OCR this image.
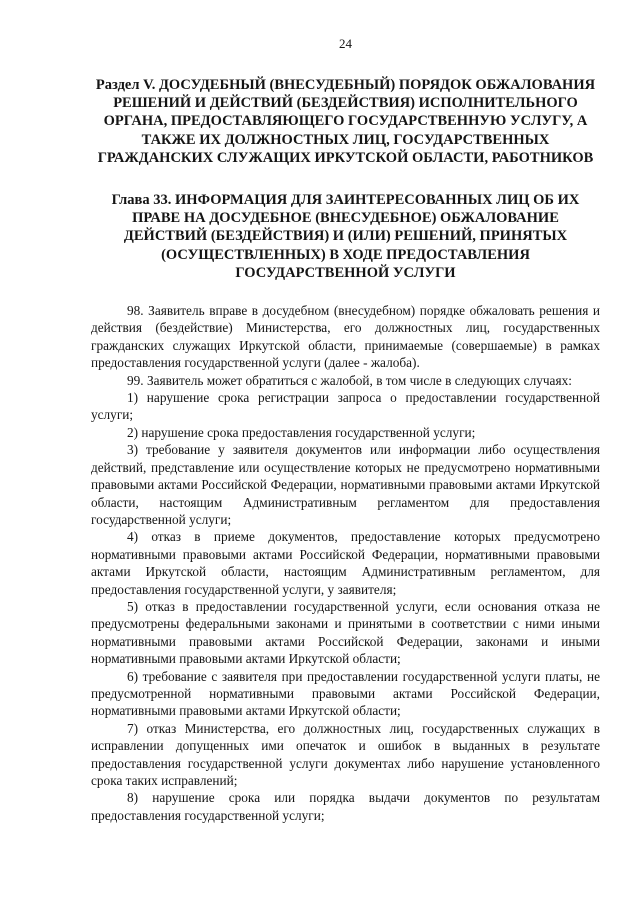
24
Раздел V. ДОСУДЕБНЫЙ (ВНЕСУДЕБНЫЙ) ПОРЯДОК ОБЖАЛОВАНИЯ РЕШЕНИЙ И ДЕЙСТВИЙ (БЕЗДЕЙСТВИЯ) ИСПОЛНИТЕЛЬНОГО ОРГАНА, ПРЕДОСТАВЛЯЮЩЕГО ГОСУДАРСТВЕННУЮ УСЛУГУ, А ТАКЖЕ ИХ ДОЛЖНОСТНЫХ ЛИЦ, ГОСУДАРСТВЕННЫХ ГРАЖДАНСКИХ СЛУЖАЩИХ ИРКУТСКОЙ ОБЛАСТИ, РАБОТНИКОВ
Глава 33. ИНФОРМАЦИЯ ДЛЯ ЗАИНТЕРЕСОВАННЫХ ЛИЦ ОБ ИХ ПРАВЕ НА ДОСУДЕБНОЕ (ВНЕСУДЕБНОЕ) ОБЖАЛОВАНИЕ ДЕЙСТВИЙ (БЕЗДЕЙСТВИЯ) И (ИЛИ) РЕШЕНИЙ, ПРИНЯТЫХ (ОСУЩЕСТВЛЕННЫХ) В ХОДЕ ПРЕДОСТАВЛЕНИЯ ГОСУДАРСТВЕННОЙ УСЛУГИ

98. Заявитель вправе в досудебном (внесудебном) порядке обжаловать решения и действия (бездействие) Министерства, его должностных лиц, государственных гражданских служащих Иркутской области, принимаемые (совершаемые) в рамках предоставления государственной услуги (далее - жалоба).

99. Заявитель может обратиться с жалобой, в том числе в следующих случаях:

1) нарушение срока регистрации запроса о предоставлении государственной услуги;

2) нарушение срока предоставления государственной услуги;

3) требование у заявителя документов или информации либо осуществления действий, представление или осуществление которых не предусмотрено нормативными правовыми актами Российской Федерации, нормативными правовыми актами Иркутской области, настоящим Административным регламентом для предоставления государственной услуги;

4) отказ в приеме документов, предоставление которых предусмотрено нормативными правовыми актами Российской Федерации, нормативными правовыми актами Иркутской области, настоящим Административным регламентом, для предоставления государственной услуги, у заявителя;

5) отказ в предоставлении государственной услуги, если основания отказа не предусмотрены федеральными законами и принятыми в соответствии с ними иными нормативными правовыми актами Российской Федерации, законами и иными нормативными правовыми актами Иркутской области;

6) требование с заявителя при предоставлении государственной услуги платы, не предусмотренной нормативными правовыми актами Российской Федерации, нормативными правовыми актами Иркутской области;

7) отказ Министерства, его должностных лиц, государственных служащих в исправлении допущенных ими опечаток и ошибок в выданных в результате предоставления государственной услуги документах либо нарушение установленного срока таких исправлений;

8) нарушение срока или порядка выдачи документов по результатам предоставления государственной услуги;
